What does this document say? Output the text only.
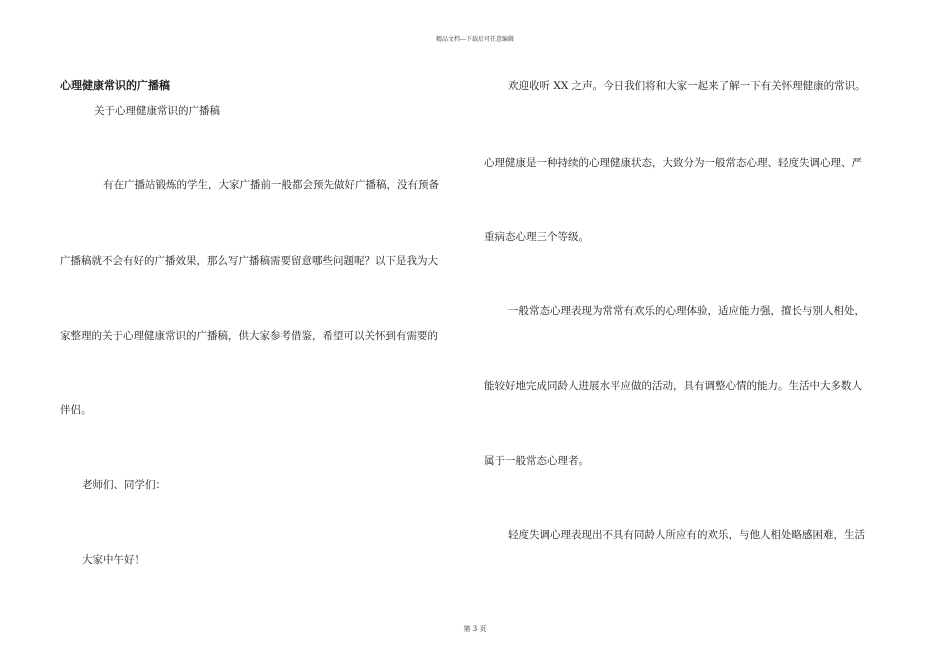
精品文档---下载后可任意编辑
心理健康常识的广播稿
关于心理健康常识的广播稿
有在广播站锻炼的学生，大家广播前一般都会预先做好广播稿，没有预备
广播稿就不会有好的广播效果，那么写广播稿需要留意哪些问题呢？以下是我为大
家整理的关于心理健康常识的广播稿，供大家参考借鉴，希望可以关怀到有需要的
伴侣。
老师们、同学们：
大家中午好！
欢迎收听 XX 之声。今日我们将和大家一起来了解一下有关怀理健康的常识。
心理健康是一种持续的心理健康状态，大致分为一般常态心理、轻度失调心理、严
重病态心理三个等级。
一般常态心理表现为常常有欢乐的心理体验，适应能力强，擅长与别人相处，
能较好地完成同龄人进展水平应做的活动，具有调整心情的能力。生活中大多数人
属于一般常态心理者。
轻度失调心理表现出不具有同龄人所应有的欢乐，与他人相处略感困难，生活
第 3 页
